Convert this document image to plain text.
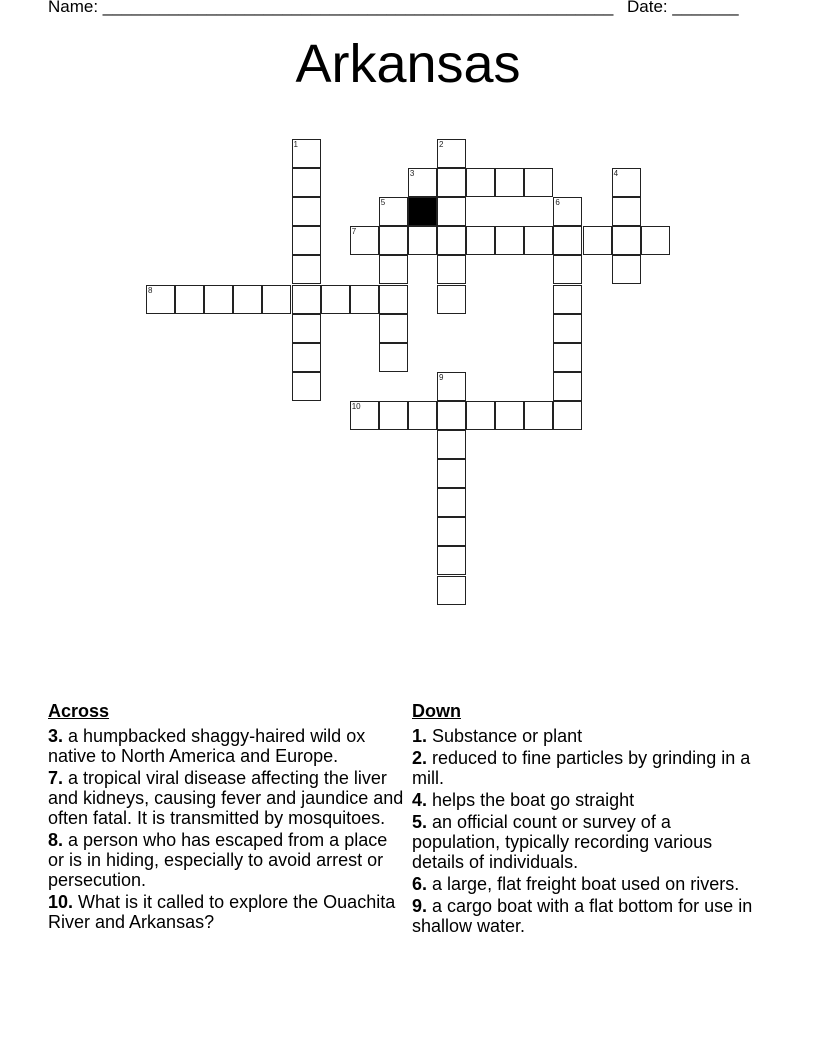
Name: ______________________________________________________ Date: _______
Arkansas
1	2
3	4
5	6
7
8
9
10
Across
3. a humpbacked shaggy-haired wild ox native to North America and Europe.
7. a tropical viral disease affecting the liver and kidneys, causing fever and jaundice and often fatal. It is transmitted by mosquitoes.
8. a person who has escaped from a place or is in hiding, especially to avoid arrest or persecution.
10. What is it called to explore the Ouachita River and Arkansas?
Down
1. Substance or plant
2. reduced to fine particles by grinding in a mill.
4. helps the boat go straight
5. an official count or survey of a population, typically recording various details of individuals.
6. a large, flat freight boat used on rivers.
9. a cargo boat with a flat bottom for use in shallow water.
